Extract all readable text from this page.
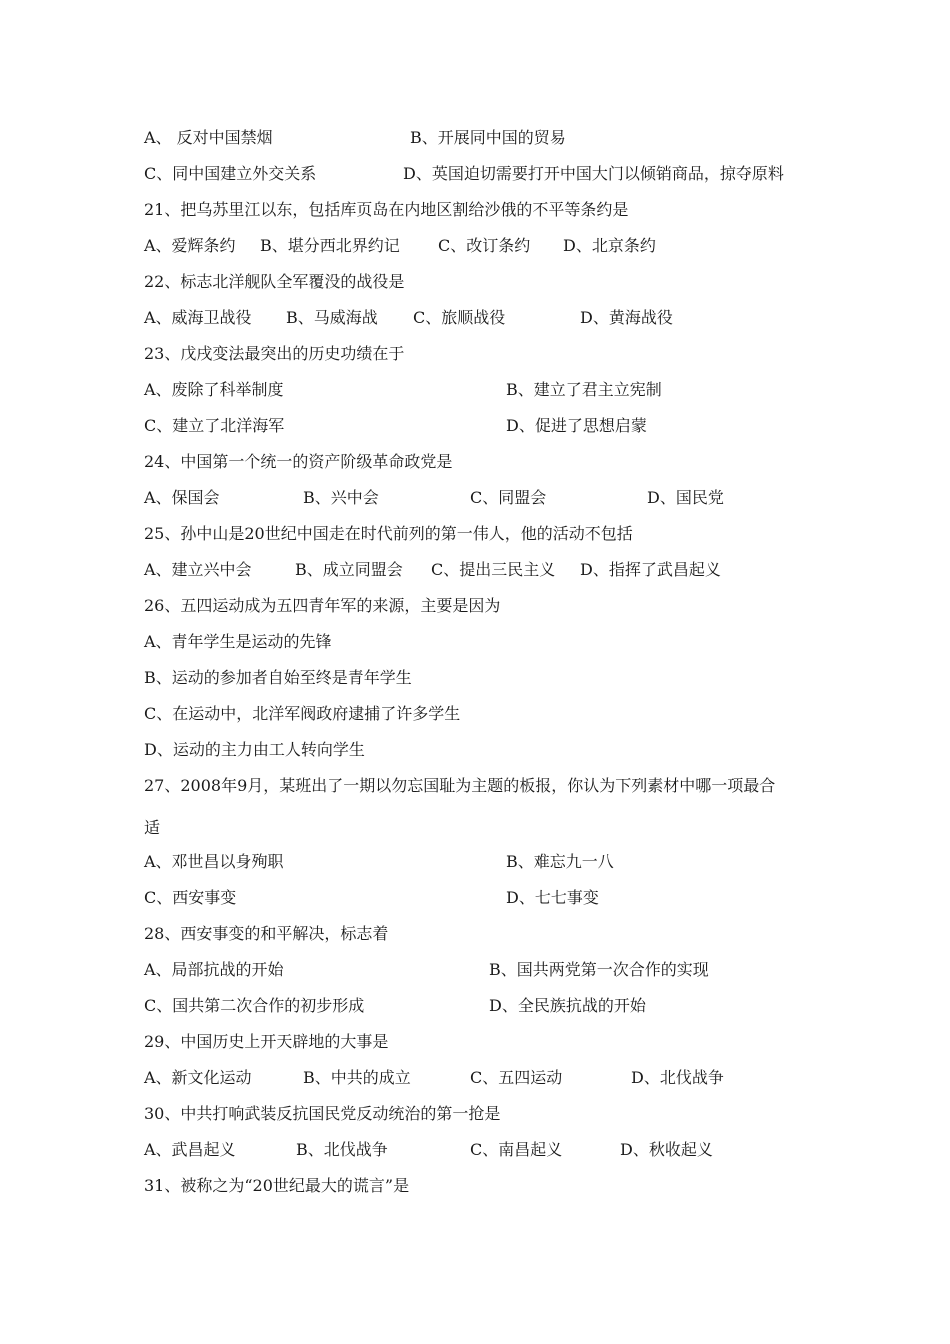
A、 反对中国禁烟	B、开展同中国的贸易
C、同中国建立外交关系	D、英国迫切需要打开中国大门以倾销商品，掠夺原料
21、把乌苏里江以东，包括库页岛在内地区割给沙俄的不平等条约是
A、爱辉条约 B、堪分西北界约记 C、改订条约 D、北京条约
22、标志北洋舰队全军覆没的战役是
A、威海卫战役 B、马威海战 C、旅顺战役	D、黄海战役
23、戊戌变法最突出的历史功绩在于
A、废除了科举制度	B、建立了君主立宪制
C、建立了北洋海军	D、促进了思想启蒙
24、中国第一个统一的资产阶级革命政党是
A、保国会	B、兴中会	C、同盟会	D、国民党
25、孙中山是20世纪中国走在时代前列的第一伟人，他的活动不包括
A、建立兴中会	B、成立同盟会 C、提出三民主义 D、指挥了武昌起义
26、五四运动成为五四青年军的来源，主要是因为
A、青年学生是运动的先锋
B、运动的参加者自始至终是青年学生
C、在运动中，北洋军阀政府逮捕了许多学生
D、运动的主力由工人转向学生
27、2008年9月，某班出了一期以勿忘国耻为主题的板报，你认为下列素材中哪一项最合
适
A、邓世昌以身殉职	B、难忘九一八
C、西安事变	D、七七事变
28、西安事变的和平解决，标志着
A、局部抗战的开始	B、国共两党第一次合作的实现
C、国共第二次合作的初步形成	D、全民族抗战的开始
29、中国历史上开天辟地的大事是
A、新文化运动	B、中共的成立	C、五四运动	D、北伐战争
30、中共打响武装反抗国民党反动统治的第一抢是
A、武昌起义	B、北伐战争	C、南昌起义	D、秋收起义
31、被称之为“20世纪最大的谎言”是
